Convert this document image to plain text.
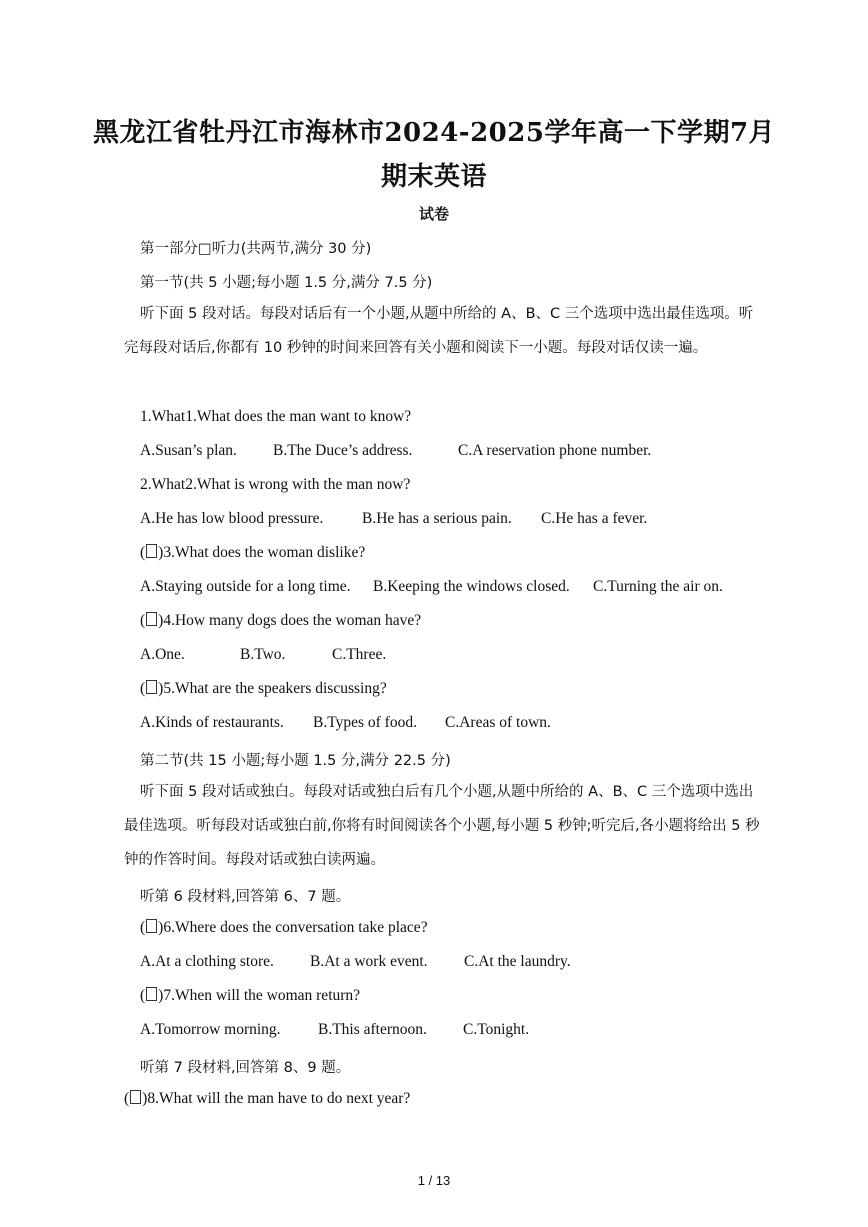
黑龙江省牡丹江市海林市2024-2025学年高一下学期7月
期末英语
试卷
第一部分□听力(共两节,满分 30 分)
第一节(共 5 小题;每小题 1.5 分,满分 7.5 分)
听下面 5 段对话。每段对话后有一个小题,从题中所给的 A、B、C 三个选项中选出最佳选项。听完每段对话后,你都有 10 秒钟的时间来回答有关小题和阅读下一小题。每段对话仅读一遍。
1.What1.What does the man want to know?
A.Susan’s plan. B.The Duce’s address.	C.A reservation phone number.
2.What2.What is wrong with the man now?
A.He has low blood pressure. B.He has a serious pain. C.He has a fever.
( )3.What does the woman dislike?
A.Staying outside for a long time. B.Keeping the windows closed. C.Turning the air on.
( )4.How many dogs does the woman have?
A.One.	B.Two.	C.Three.
( )5.What are the speakers discussing?
A.Kinds of restaurants. B.Types of food. C.Areas of town.
第二节(共 15 小题;每小题 1.5 分,满分 22.5 分)
听下面 5 段对话或独白。每段对话或独白后有几个小题,从题中所给的 A、B、C 三个选项中选出最佳选项。听每段对话或独白前,你将有时间阅读各个小题,每小题 5 秒钟;听完后,各小题将给出 5 秒钟的作答时间。每段对话或独白读两遍。
听第 6 段材料,回答第 6、7 题。
( )6.Where does the conversation take place?
A.At a clothing store. B.At a work event. C.At the laundry.
( )7.When will the woman return?
A.Tomorrow morning. B.This afternoon. C.Tonight.
听第 7 段材料,回答第 8、9 题。
( )8.What will the man have to do next year?
1 / 13
